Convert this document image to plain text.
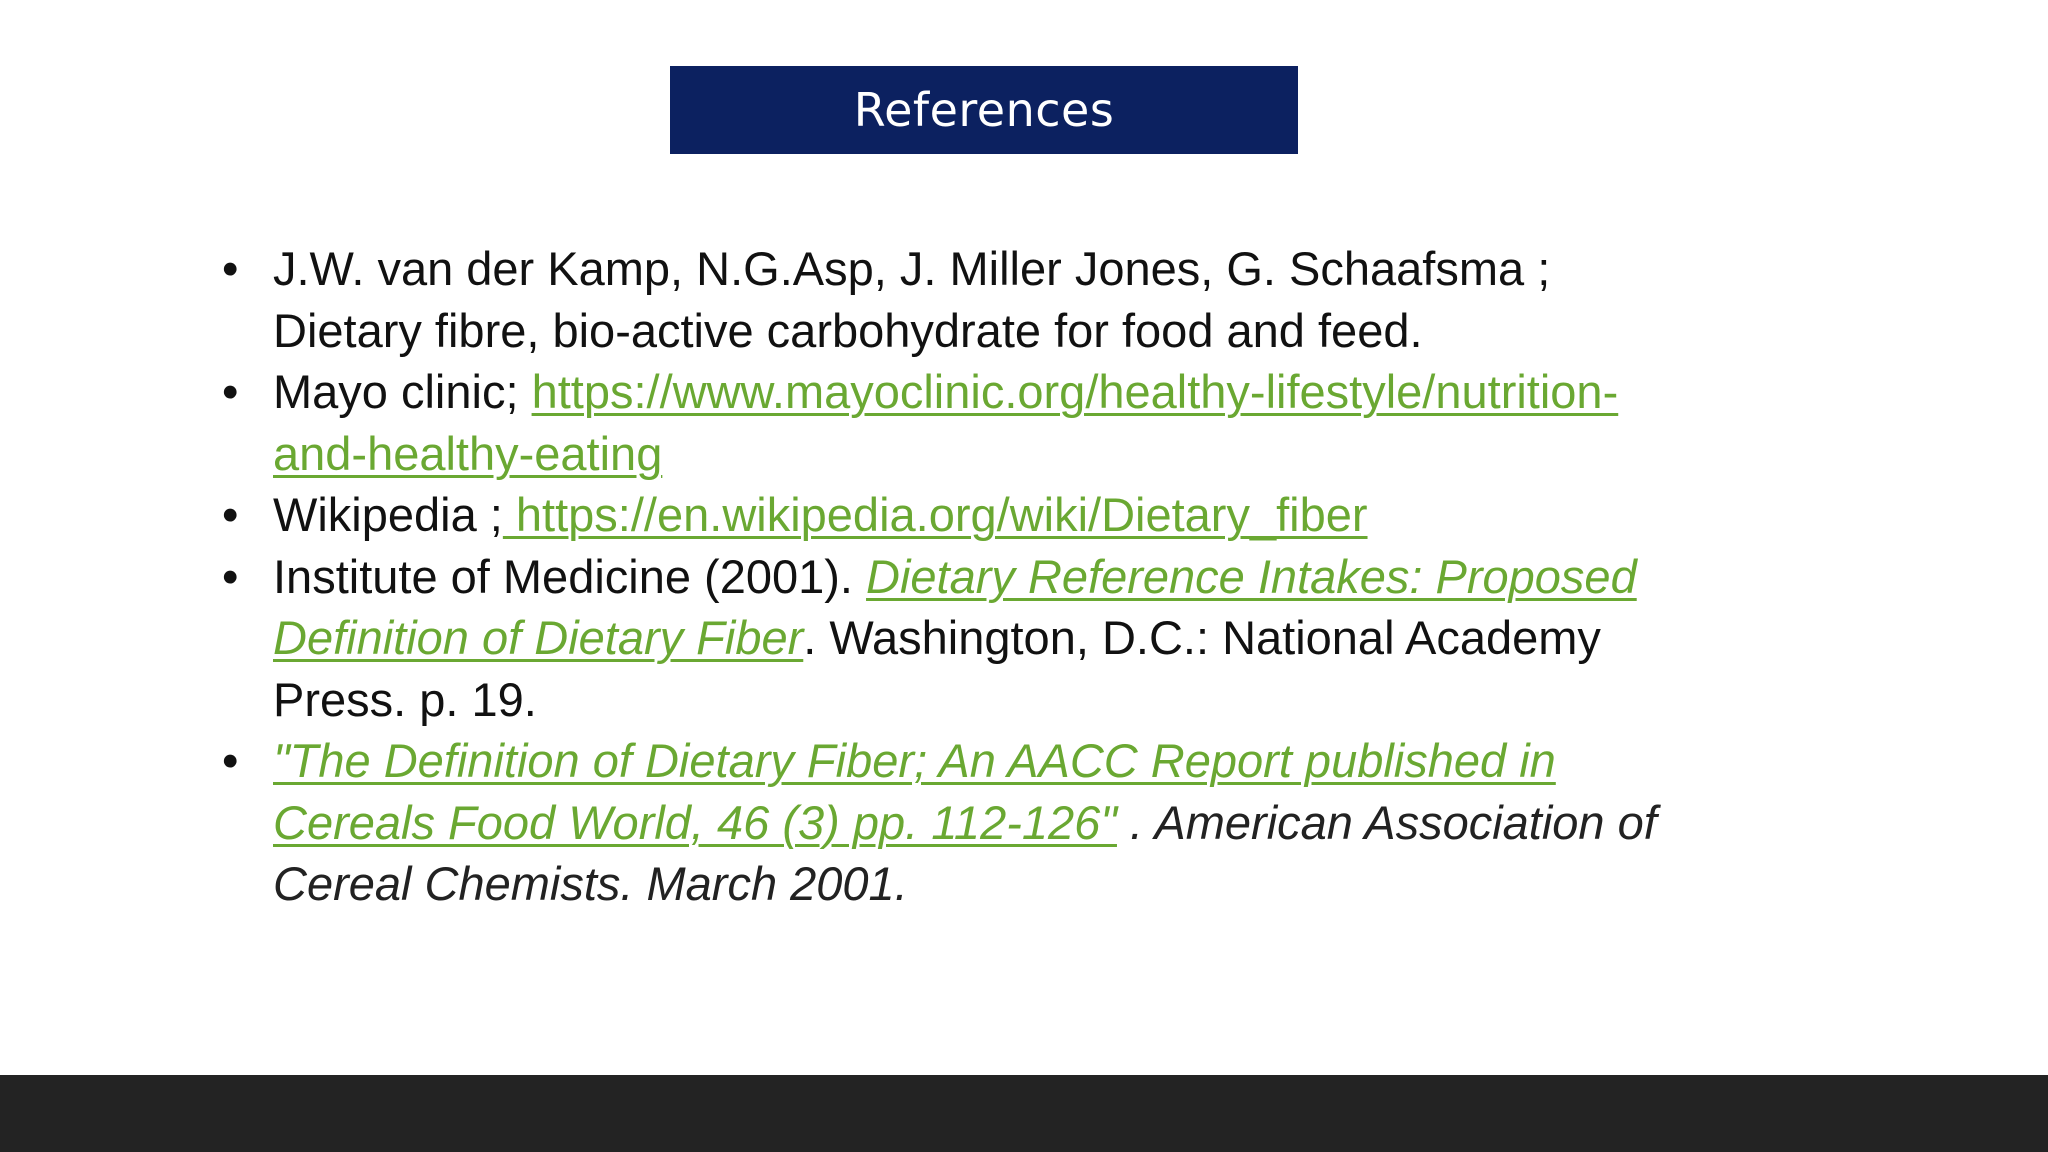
References
• J.W. van der Kamp, N.G.Asp, J. Miller Jones, G. Schaafsma ;
Dietary fibre, bio-active carbohydrate for food and feed.
• Mayo clinic; https://www.mayoclinic.org/healthy-lifestyle/nutrition-
and-healthy-eating
• Wikipedia ; https://en.wikipedia.org/wiki/Dietary_fiber
• Institute of Medicine (2001). Dietary Reference Intakes: Proposed
Definition of Dietary Fiber. Washington, D.C.: National Academy
Press. p. 19.
• "The Definition of Dietary Fiber; An AACC Report published in
Cereals Food World, 46 (3) pp. 112-126" . American Association of
Cereal Chemists. March 2001.
